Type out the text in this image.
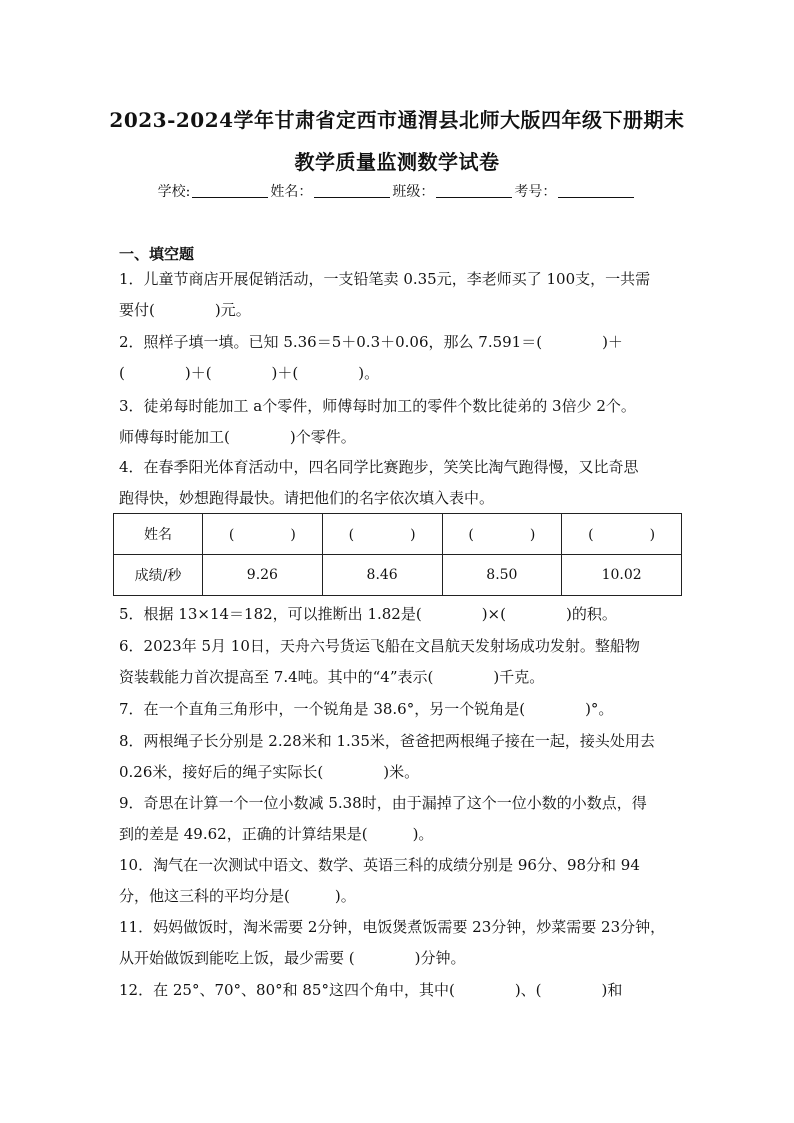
2023-2024学年甘肃省定西市通渭县北师大版四年级下册期末
教学质量监测数学试卷
学校:	姓名：	班级：	考号：
一、填空题
1．儿童节商店开展促销活动，一支铅笔卖 0.35元，李老师买了 100支，一共需
要付(　　　　)元。
2．照样子填一填。已知 5.36＝5＋0.3＋0.06，那么 7.591＝(　　　　)＋
(　　　　)＋(　　　　)＋(　　　　)。
3．徒弟每时能加工 a个零件，师傅每时加工的零件个数比徒弟的 3倍少 2个。
师傅每时能加工(　　　　)个零件。
4．在春季阳光体育活动中，四名同学比赛跑步，笑笑比淘气跑得慢，又比奇思
跑得快，妙想跑得最快。请把他们的名字依次填入表中。
姓名	(　　　　)	(　　　　)	(　　　　)	(　　　　)
成绩/秒	9.26	8.46	8.50	10.02
5．根据 13×14＝182，可以推断出 1.82是(　　　　)×(　　　　)的积。
6．2023年 5月 10日，天舟六号货运飞船在文昌航天发射场成功发射。整船物
资装载能力首次提高至 7.4吨。其中的“4”表示(　　　　)千克。
7．在一个直角三角形中，一个锐角是 38.6°，另一个锐角是(　　　　)°。
8．两根绳子长分别是 2.28米和 1.35米，爸爸把两根绳子接在一起，接头处用去
0.26米，接好后的绳子实际长(　　　　)米。
9．奇思在计算一个一位小数减 5.38时，由于漏掉了这个一位小数的小数点，得
到的差是 49.62，正确的计算结果是(　　　)。
10．淘气在一次测试中语文、数学、英语三科的成绩分别是 96分、98分和 94
分，他这三科的平均分是(　　　)。
11．妈妈做饭时，淘米需要 2分钟，电饭煲煮饭需要 23分钟，炒菜需要 23分钟，
从开始做饭到能吃上饭，最少需要 (　　　　)分钟。
12．在 25°、70°、80°和 85°这四个角中，其中(　　　　)、(　　　　)和
